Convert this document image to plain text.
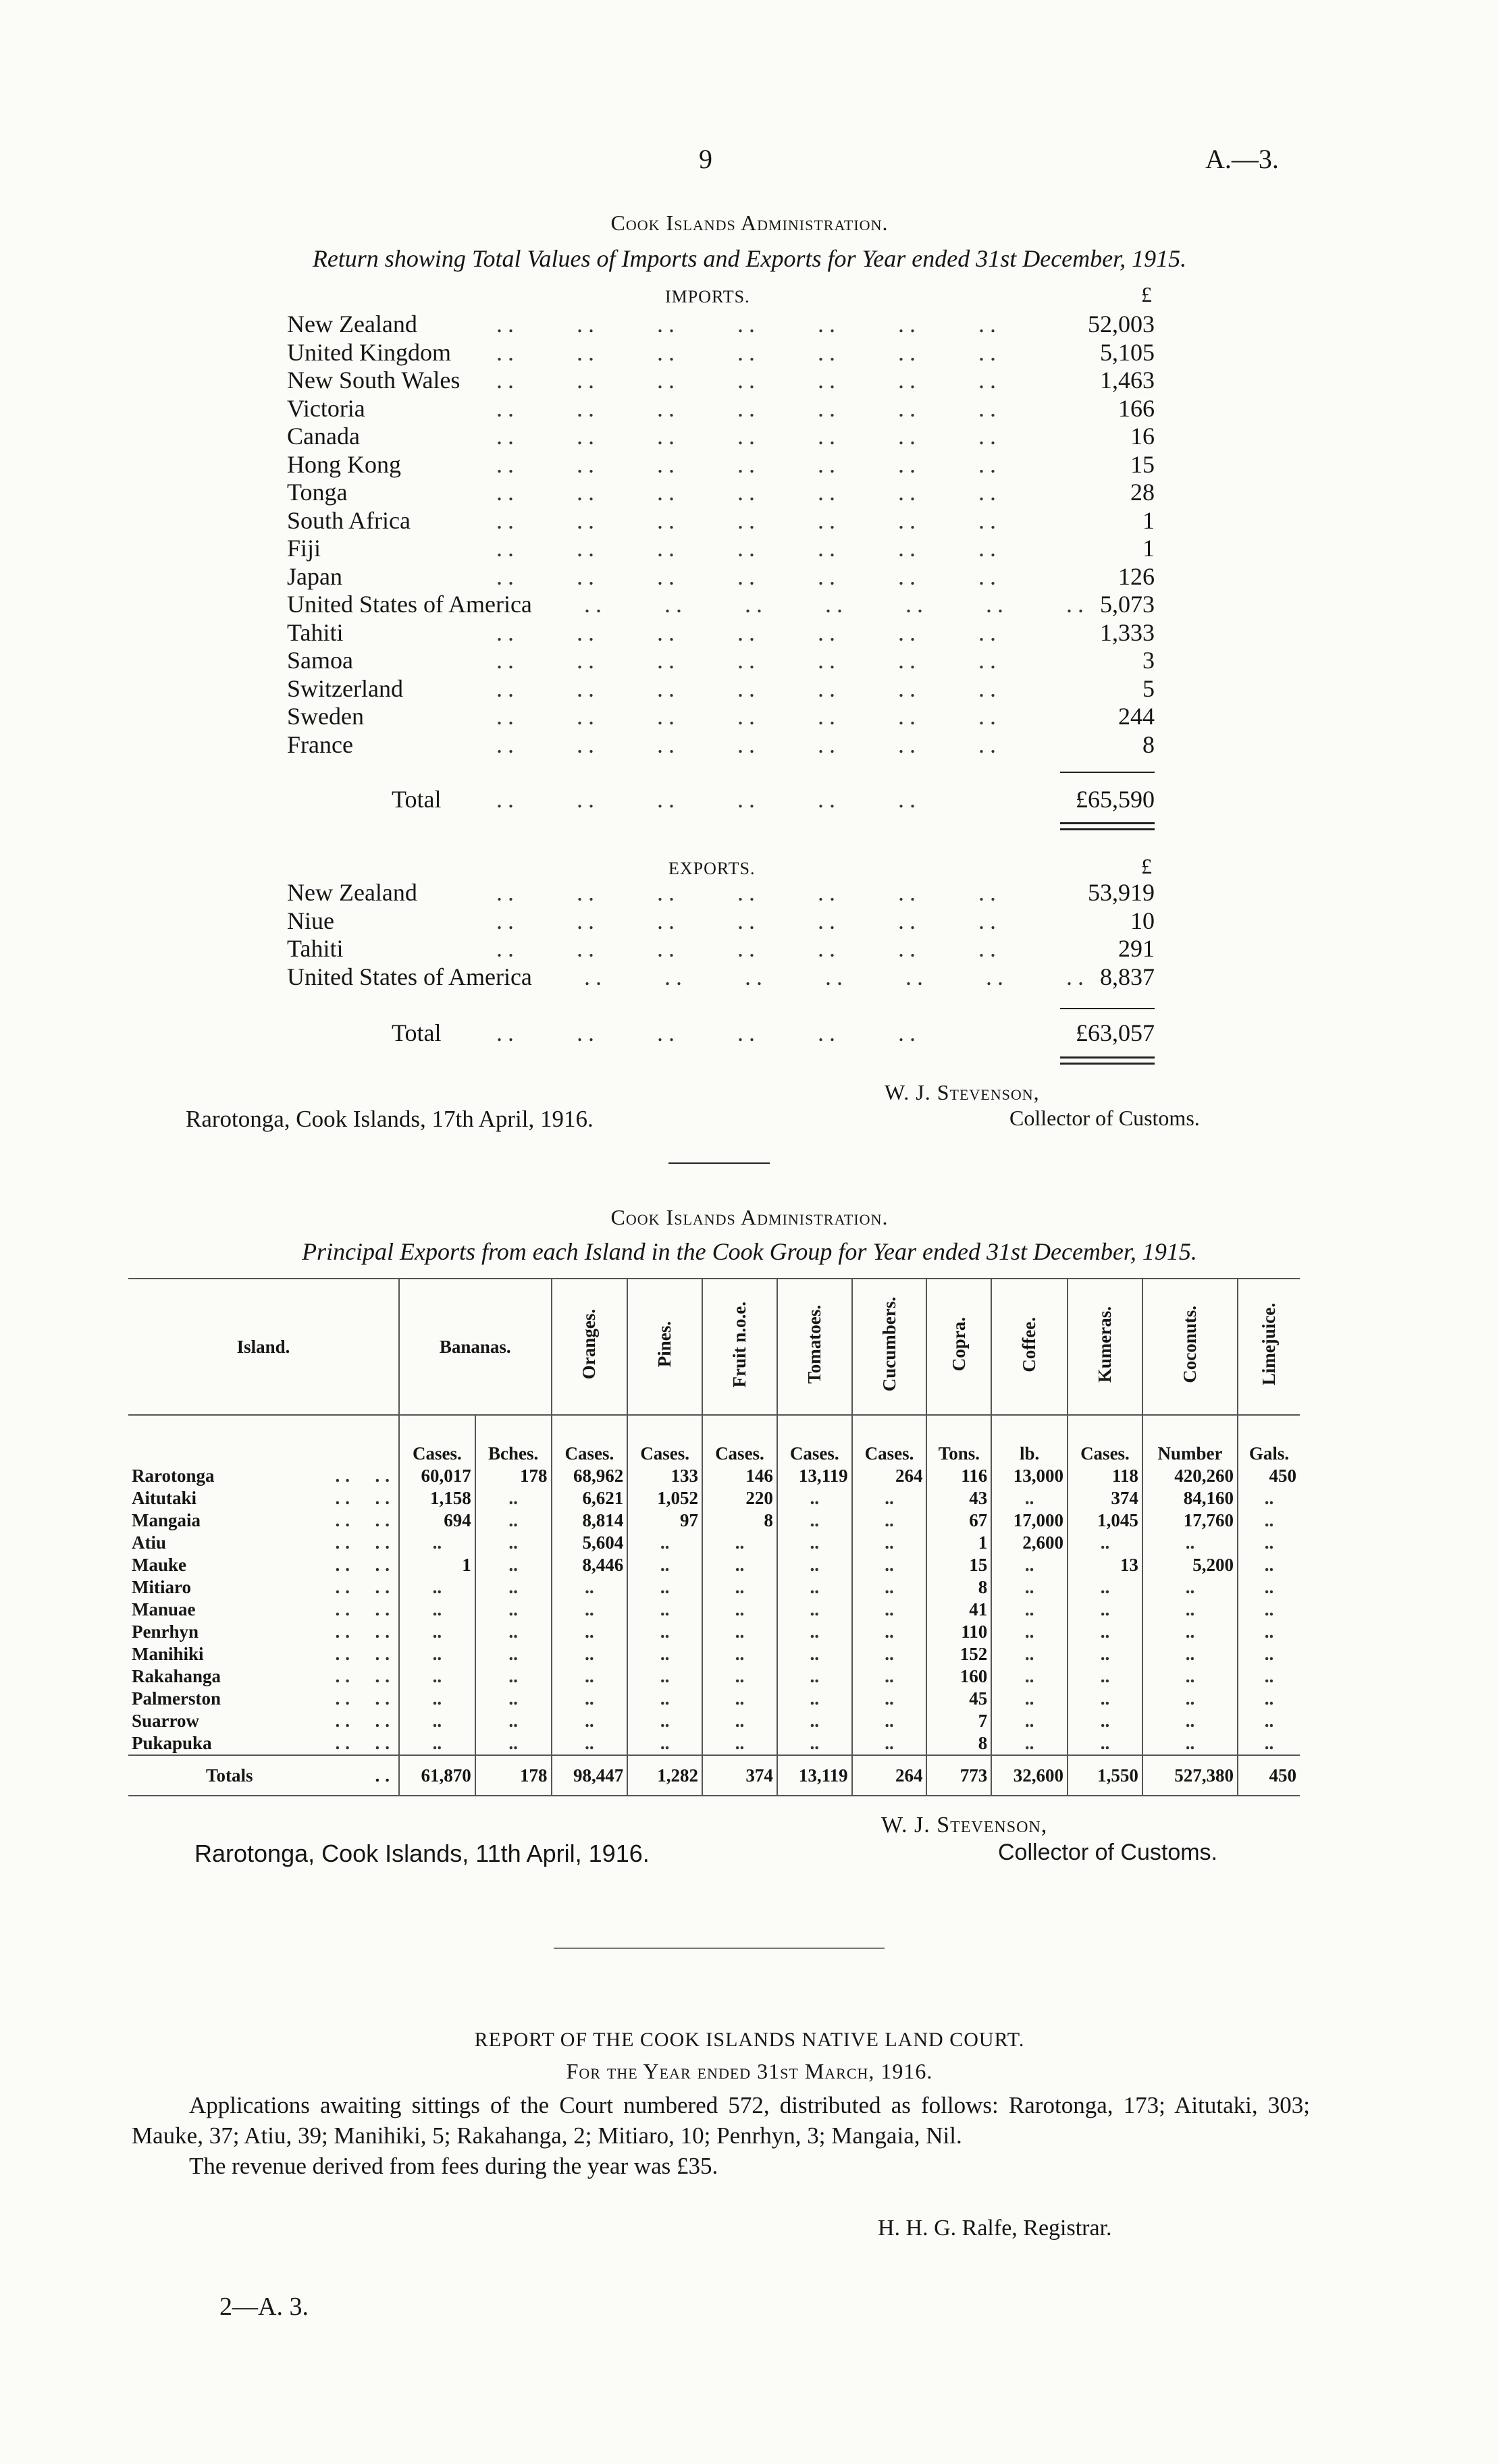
9	A.—3.
Cook Islands Administration.
Return showing Total Values of Imports and Exports for Year ended 31st December, 1915.
IMPORTS.	£
New Zealand	..     ..     ..     ..     ..     ..     ..	52,003
United Kingdom ..     ..     ..     ..     ..     ..     ..	5,105
New South Wales ..     ..     ..     ..     ..     ..     ..	1,463
Victoria	..     ..     ..     ..     ..     ..     ..	166
Canada	..     ..     ..     ..     ..     ..     ..	16
Hong Kong	..     ..     ..     ..     ..     ..     ..	15
Tonga	..     ..     ..     ..     ..     ..     ..	28
South Africa	..     ..     ..     ..     ..     ..     ..	1
Fiji	..     ..     ..     ..     ..     ..     ..	1
Japan	..     ..     ..     ..     ..     ..     ..	126
United States of America ..     ..     ..     ..     ..     ..     .. 5,073
Tahiti	..     ..     ..     ..     ..     ..     ..	1,333
Samoa	..     ..     ..     ..     ..     ..     ..	3
Switzerland	..     ..     ..     ..     ..     ..     ..	5
Sweden	..     ..     ..     ..     ..     ..     ..	244
France	..     ..     ..     ..     ..     ..     ..	8
Total ..     ..     ..     ..     ..     ..	£65,590
EXPORTS.	£
New Zealand	..     ..     ..     ..     ..     ..     ..	53,919
Niue	..     ..     ..     ..     ..     ..     ..	10
Tahiti	..     ..     ..     ..     ..     ..     ..	291
United States of America ..     ..     ..     ..     ..     ..     .. 8,837
Total ..     ..     ..     ..     ..     ..	£63,057
W. J. Stevenson,
Rarotonga, Cook Islands, 17th April, 1916.	Collector of Customs.
Cook Islands Administration.
Principal Exports from each Island in the Cook Group for Year ended 31st December, 1915.
Island.	Bananas.		Oranges.	Pines.	Fruit n.o.e.	Tomatoes.	Cucumbers.	Copra.	Coffee.	Kumeras.	Coconuts.	Limejuice.
	Cases.	Bches.	Cases.	Cases.	Cases.	Cases.	Cases.	Tons.	lb.	Cases.	Number	Gals.
Rarotonga ..  ..	60,017	178	68,962	133	146	13,119	264	116	13,000	118	420,260	450
Aitutaki ..  ..	1,158	..	6,621	1,052	220	..	..	43	..	374	84,160	..
Mangaia ..  ..	694	..	8,814	97	8	..	..	67	17,000	1,045	17,760	..
Atiu ..  ..	..	..	5,604	..	..	..	..	1	2,600	..	..	..
Mauke ..  ..	1	..	8,446	..	..	..	..	15	..	13	5,200	..
Mitiaro ..  ..	..	..	..	..	..	..	..	8	..	..	..	..
Manuae ..  ..	..	..	..	..	..	..	..	41	..	..	..	..
Penrhyn ..  ..	..	..	..	..	..	..	..	110	..	..	..	..
Manihiki ..  ..	..	..	..	..	..	..	..	152	..	..	..	..
Rakahanga ..  ..	..	..	..	..	..	..	..	160	..	..	..	..
Palmerston ..  ..	..	..	..	..	..	..	..	45	..	..	..	..
Suarrow ..  ..	..	..	..	..	..	..	..	7	..	..	..	..
Pukapuka ..  ..	..	..	..	..	..	..	..	8	..	..	..	..
Totals ..	61,870	178	98,447	1,282	374	13,119	264	773	32,600	1,550	527,380	450
W. J. Stevenson,
Rarotonga, Cook Islands, 11th April, 1916.	Collector of Customs.
REPORT OF THE COOK ISLANDS NATIVE LAND COURT.
For the Year ended 31st March, 1916.

Applications awaiting sittings of the Court numbered 572, distributed as follows: Rarotonga, 173; Aitutaki, 303; Mauke, 37; Atiu, 39; Manihiki, 5; Rakahanga, 2; Mitiaro, 10; Penrhyn, 3; Mangaia, Nil.

The revenue derived from fees during the year was £35.

H. H. G. Ralfe, Registrar.
2—A. 3.
